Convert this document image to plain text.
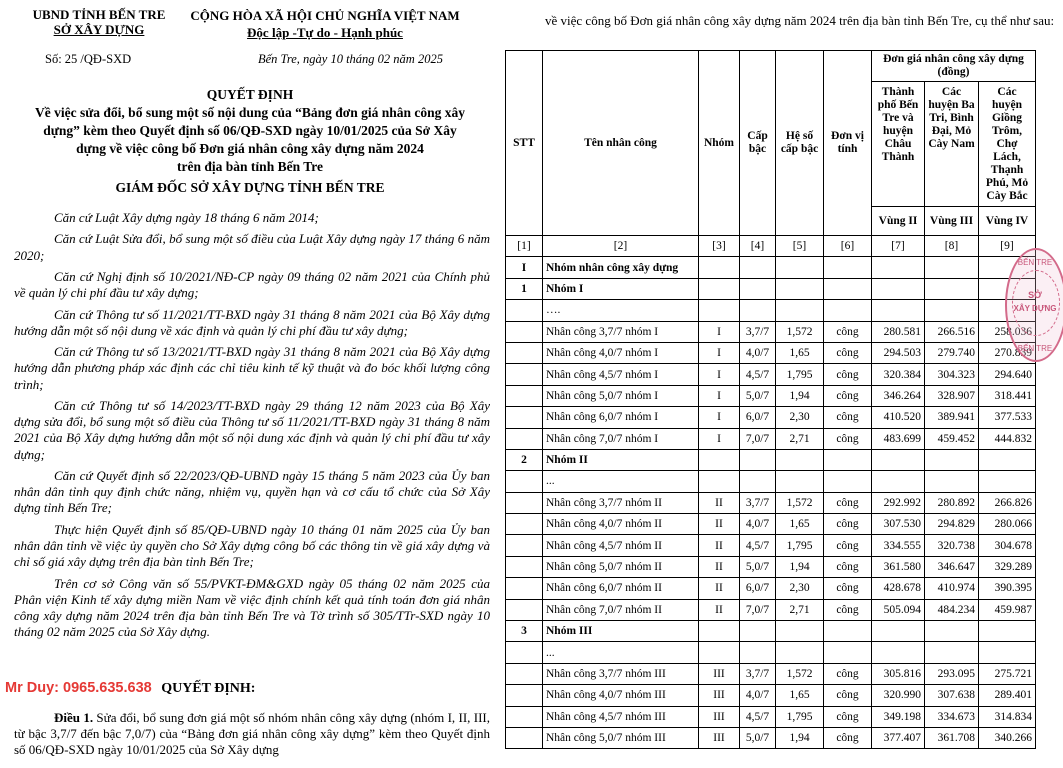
UBND TỈNH BẾN TRE
SỞ XÂY DỰNG
CỘNG HÒA XÃ HỘI CHỦ NGHĨA VIỆT NAM
Độc lập -Tự do - Hạnh phúc
Số: 25 /QĐ-SXD	Bến Tre, ngày 10 tháng 02 năm 2025
QUYẾT ĐỊNH
Về việc sửa đổi, bổ sung một số nội dung của “Bảng đơn giá nhân công xây
dựng” kèm theo Quyết định số 06/QĐ-SXD ngày 10/01/2025 của Sở Xây
dựng về việc công bố Đơn giá nhân công xây dựng năm 2024
trên địa bàn tỉnh Bến Tre
GIÁM ĐỐC SỞ XÂY DỰNG TỈNH BẾN TRE

Căn cứ Luật Xây dựng ngày 18 tháng 6 năm 2014;

Căn cứ Luật Sửa đổi, bổ sung một số điều của Luật Xây dựng ngày 17 tháng 6 năm 2020;

Căn cứ Nghị định số 10/2021/NĐ-CP ngày 09 tháng 02 năm 2021 của Chính phủ về quản lý chi phí đầu tư xây dựng;

Căn cứ Thông tư số 11/2021/TT-BXD ngày 31 tháng 8 năm 2021 của Bộ Xây dựng hướng dẫn một số nội dung về xác định và quản lý chi phí đầu tư xây dựng;

Căn cứ Thông tư số 13/2021/TT-BXD ngày 31 tháng 8 năm 2021 của Bộ Xây dựng hướng dẫn phương pháp xác định các chỉ tiêu kinh tế kỹ thuật và đo bóc khối lượng công trình;

Căn cứ Thông tư số 14/2023/TT-BXD ngày 29 tháng 12 năm 2023 của Bộ Xây dựng sửa đổi, bổ sung một số điều của Thông tư số 11/2021/TT-BXD ngày 31 tháng 8 năm 2021 của Bộ Xây dựng hướng dẫn một số nội dung xác định và quản lý chi phí đầu tư xây dựng;

Căn cứ Quyết định số 22/2023/QĐ-UBND ngày 15 tháng 5 năm 2023 của Ủy ban nhân dân tỉnh quy định chức năng, nhiệm vụ, quyền hạn và cơ cấu tổ chức của Sở Xây dựng tỉnh Bến Tre;

Thực hiện Quyết định số 85/QĐ-UBND ngày 10 tháng 01 năm 2025 của Ủy ban nhân dân tỉnh về việc ủy quyền cho Sở Xây dựng công bố các thông tin về giá xây dựng và chỉ số giá xây dựng trên địa bàn tỉnh Bến Tre;

Trên cơ sở Công văn số 55/PVKT-ĐM&GXD ngày 05 tháng 02 năm 2025 của Phân viện Kinh tế xây dựng miền Nam về việc định chính kết quả tính toán đơn giá nhân công xây dựng năm 2024 trên địa bàn tỉnh Bến Tre và Tờ trình số 305/TTr-SXD ngày 10 tháng 02 năm 2025 của Sở Xây dựng.

Mr Duy: 0965.635.638 QUYẾT ĐỊNH:

Điều 1. Sửa đổi, bổ sung đơn giá một số nhóm nhân công xây dựng (nhóm I, II, III, từ bậc 3,7/7 đến bậc 7,0/7) của “Bảng đơn giá nhân công xây dựng” kèm theo Quyết định số 06/QĐ-SXD ngày 10/01/2025 của Sở Xây dựng

về việc công bố Đơn giá nhân công xây dựng năm 2024 trên địa bàn tỉnh Bến Tre, cụ thể như sau:
STT	Tên nhân công	Nhóm	Cấp bậc	Hệ số cấp bậc	Đơn vị tính	Đơn giá nhân công xây dựng (đồng)		
						Thành phố Bến Tre và huyện Châu Thành	Các huyện Ba Tri, Bình Đại, Mỏ Cày Nam	Các huyện Giồng Trôm, Chợ Lách, Thạnh Phú, Mỏ Cày Bắc
						Vùng II	Vùng III	Vùng IV
[1]	[2]	[3]	[4]	[5]	[6]	[7]	[8]	[9]
I	Nhóm nhân công xây dựng							
1	Nhóm I							
	….							
	Nhân công 3,7/7 nhóm I	I	3,7/7	1,572	công	280.581	266.516	258.036
	Nhân công 4,0/7 nhóm I	I	4,0/7	1,65	công	294.503	279.740	270.839
	Nhân công 4,5/7 nhóm I	I	4,5/7	1,795	công	320.384	304.323	294.640
	Nhân công 5,0/7 nhóm I	I	5,0/7	1,94	công	346.264	328.907	318.441
	Nhân công 6,0/7 nhóm I	I	6,0/7	2,30	công	410.520	389.941	377.533
	Nhân công 7,0/7 nhóm I	I	7,0/7	2,71	công	483.699	459.452	444.832
2	Nhóm II							
	...							
	Nhân công 3,7/7 nhóm II	II	3,7/7	1,572	công	292.992	280.892	266.826
	Nhân công 4,0/7 nhóm II	II	4,0/7	1,65	công	307.530	294.829	280.066
	Nhân công 4,5/7 nhóm II	II	4,5/7	1,795	công	334.555	320.738	304.678
	Nhân công 5,0/7 nhóm II	II	5,0/7	1,94	công	361.580	346.647	329.289
	Nhân công 6,0/7 nhóm II	II	6,0/7	2,30	công	428.678	410.974	390.395
	Nhân công 7,0/7 nhóm II	II	7,0/7	2,71	công	505.094	484.234	459.987
3	Nhóm III							
	...							
	Nhân công 3,7/7 nhóm III	III	3,7/7	1,572	công	305.816	293.095	275.721
	Nhân công 4,0/7 nhóm III	III	4,0/7	1,65	công	320.990	307.638	289.401
	Nhân công 4,5/7 nhóm III	III	4,5/7	1,795	công	349.198	334.673	314.834
	Nhân công 5,0/7 nhóm III	III	5,0/7	1,94	công	377.407	361.708	340.266
BẾN TRE
SỞ
XÂY DỰNG
BẾN TRE
